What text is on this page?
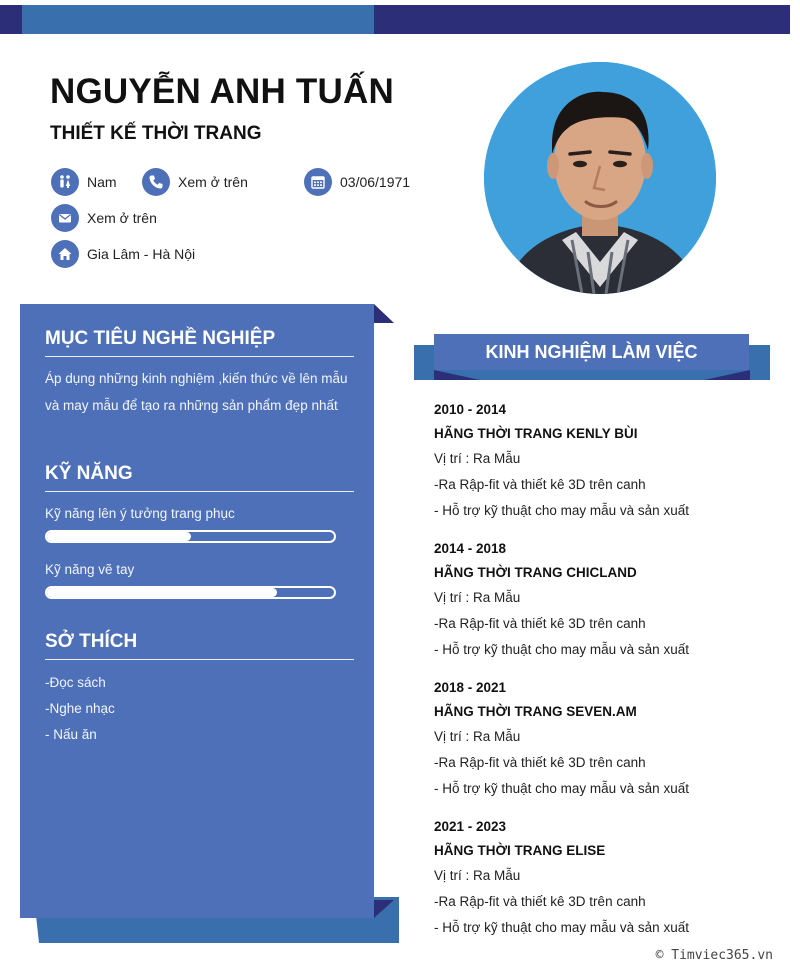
NGUYỄN ANH TUẤN
THIẾT KẾ THỜI TRANG
Nam	Xem ở trên	03/06/1971
Xem ở trên
Gia Lâm - Hà Nội
MỤC TIÊU NGHỀ NGHIỆP
Áp dụng những kinh nghiệm ,kiến thức về lên mẫu
và may mẫu để tạo ra những sản phẩm đẹp nhất
KỸ NĂNG
Kỹ năng lên ý tưởng trang phục
Kỹ năng vẽ tay
SỞ THÍCH
-Đọc sách
-Nghe nhạc
- Nấu ăn
KINH NGHIỆM LÀM VIỆC
2010 - 2014
HÃNG THỜI TRANG KENLY BÙI
Vị trí : Ra Mẫu
-Ra Rập-fit và thiết kê 3D trên canh
- Hỗ trợ kỹ thuật cho may mẫu và sản xuất
2014 - 2018
HÃNG THỜI TRANG CHICLAND
Vị trí : Ra Mẫu
-Ra Rập-fit và thiết kê 3D trên canh
- Hỗ trợ kỹ thuật cho may mẫu và sản xuất
2018 - 2021
HÃNG THỜI TRANG SEVEN.AM
Vị trí : Ra Mẫu
-Ra Rập-fit và thiết kê 3D trên canh
- Hỗ trợ kỹ thuật cho may mẫu và sản xuất
2021 - 2023
HÃNG THỜI TRANG ELISE
Vị trí : Ra Mẫu
-Ra Rập-fit và thiết kê 3D trên canh
- Hỗ trợ kỹ thuật cho may mẫu và sản xuất
© Timviec365.vn
